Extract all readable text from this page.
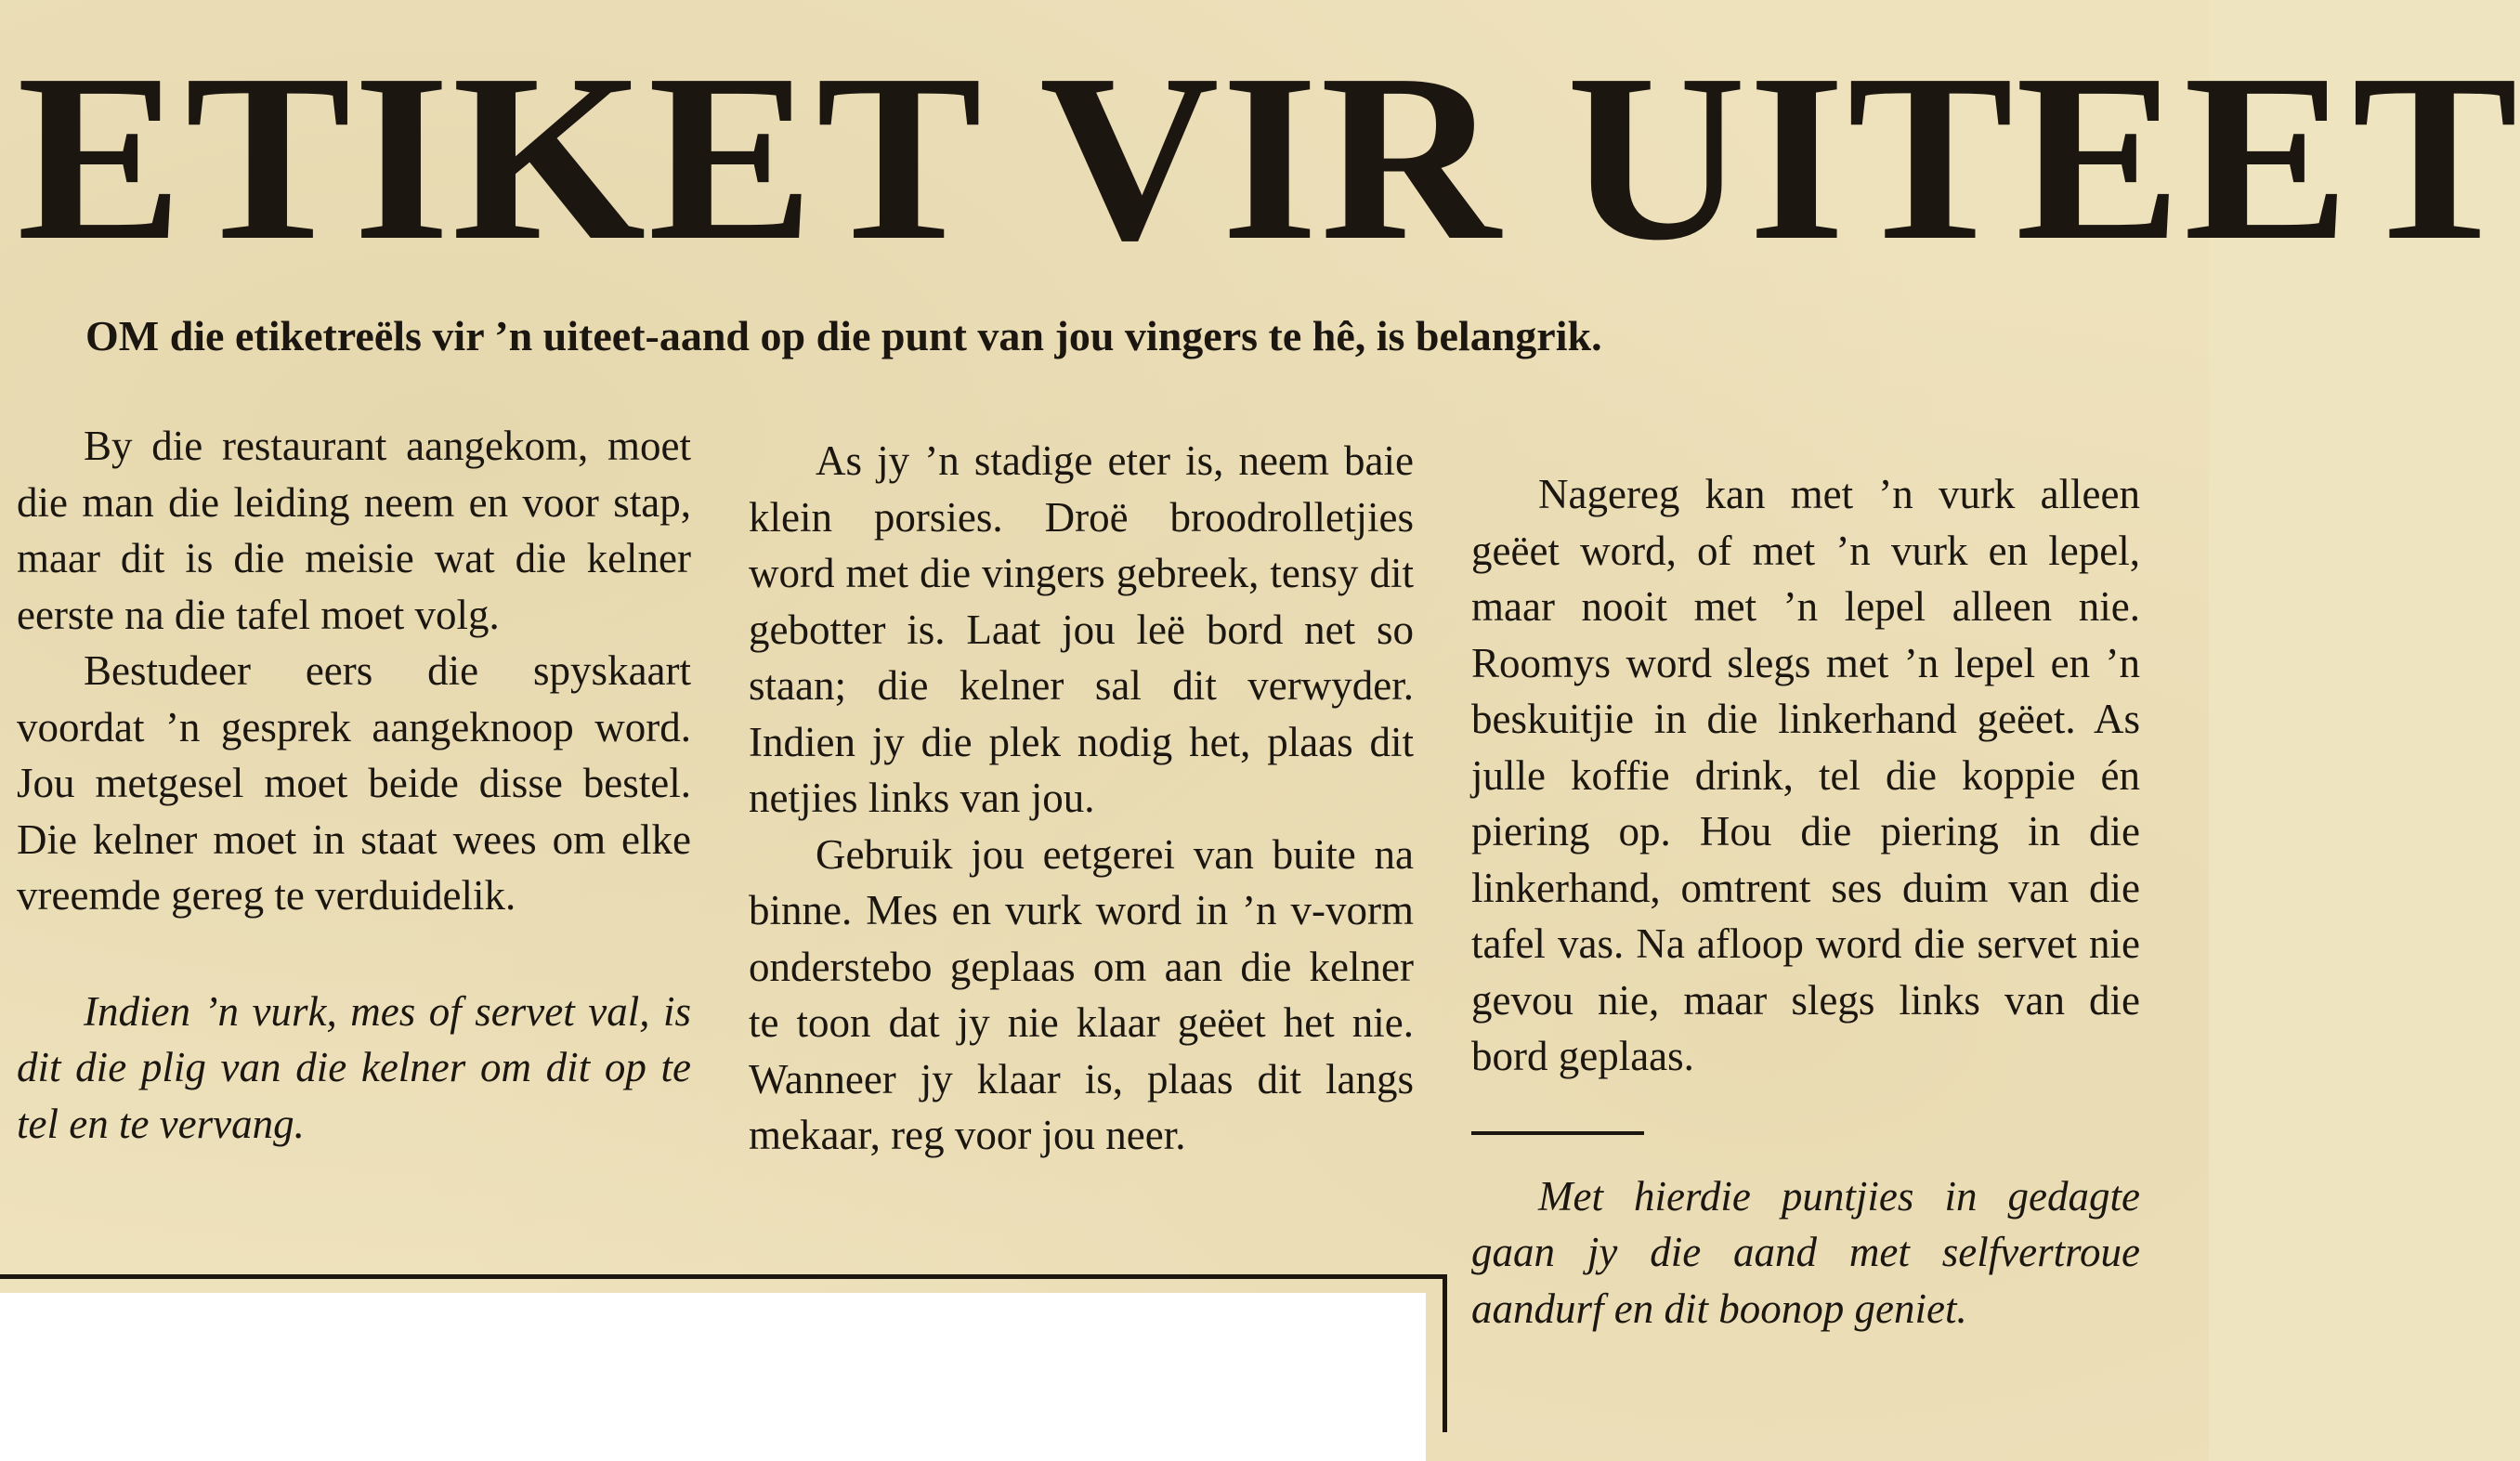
ETIKET VIR UITEET

OM die etiketreëls vir ’n uiteet-aand op die punt van jou vingers te hê, is belangrik.

By die restaurant aangekom, moet die man die leiding neem en voor stap, maar dit is die meisie wat die kelner eerste na die tafel moet volg.

Bestudeer eers die spyskaart voordat ’n gesprek aangeknoop word. Jou metgesel moet beide disse bestel. Die kelner moet in staat wees om elke vreemde gereg te verduidelik.

Indien ’n vurk, mes of servet val, is dit die plig van die kelner om dit op te tel en te vervang.

As jy ’n stadige eter is, neem baie klein porsies. Droë broodrolletjies word met die vingers gebreek, tensy dit gebotter is. Laat jou leë bord net so staan; die kelner sal dit verwyder. Indien jy die plek nodig het, plaas dit netjies links van jou.

Gebruik jou eetgerei van buite na binne. Mes en vurk word in ’n v-vorm onderstebo geplaas om aan die kelner te toon dat jy nie klaar geëet het nie. Wanneer jy klaar is, plaas dit langs mekaar, reg voor jou neer.

Nagereg kan met ’n vurk alleen geëet word, of met ’n vurk en lepel, maar nooit met ’n lepel alleen nie. Roomys word slegs met ’n lepel en ’n beskuitjie in die linkerhand geëet. As julle koffie drink, tel die koppie én piering op. Hou die piering in die linkerhand, omtrent ses duim van die tafel vas. Na afloop word die servet nie gevou nie, maar slegs links van die bord geplaas.

Met hierdie puntjies in gedagte gaan jy die aand met selfvertroue aandurf en dit boonop geniet.
